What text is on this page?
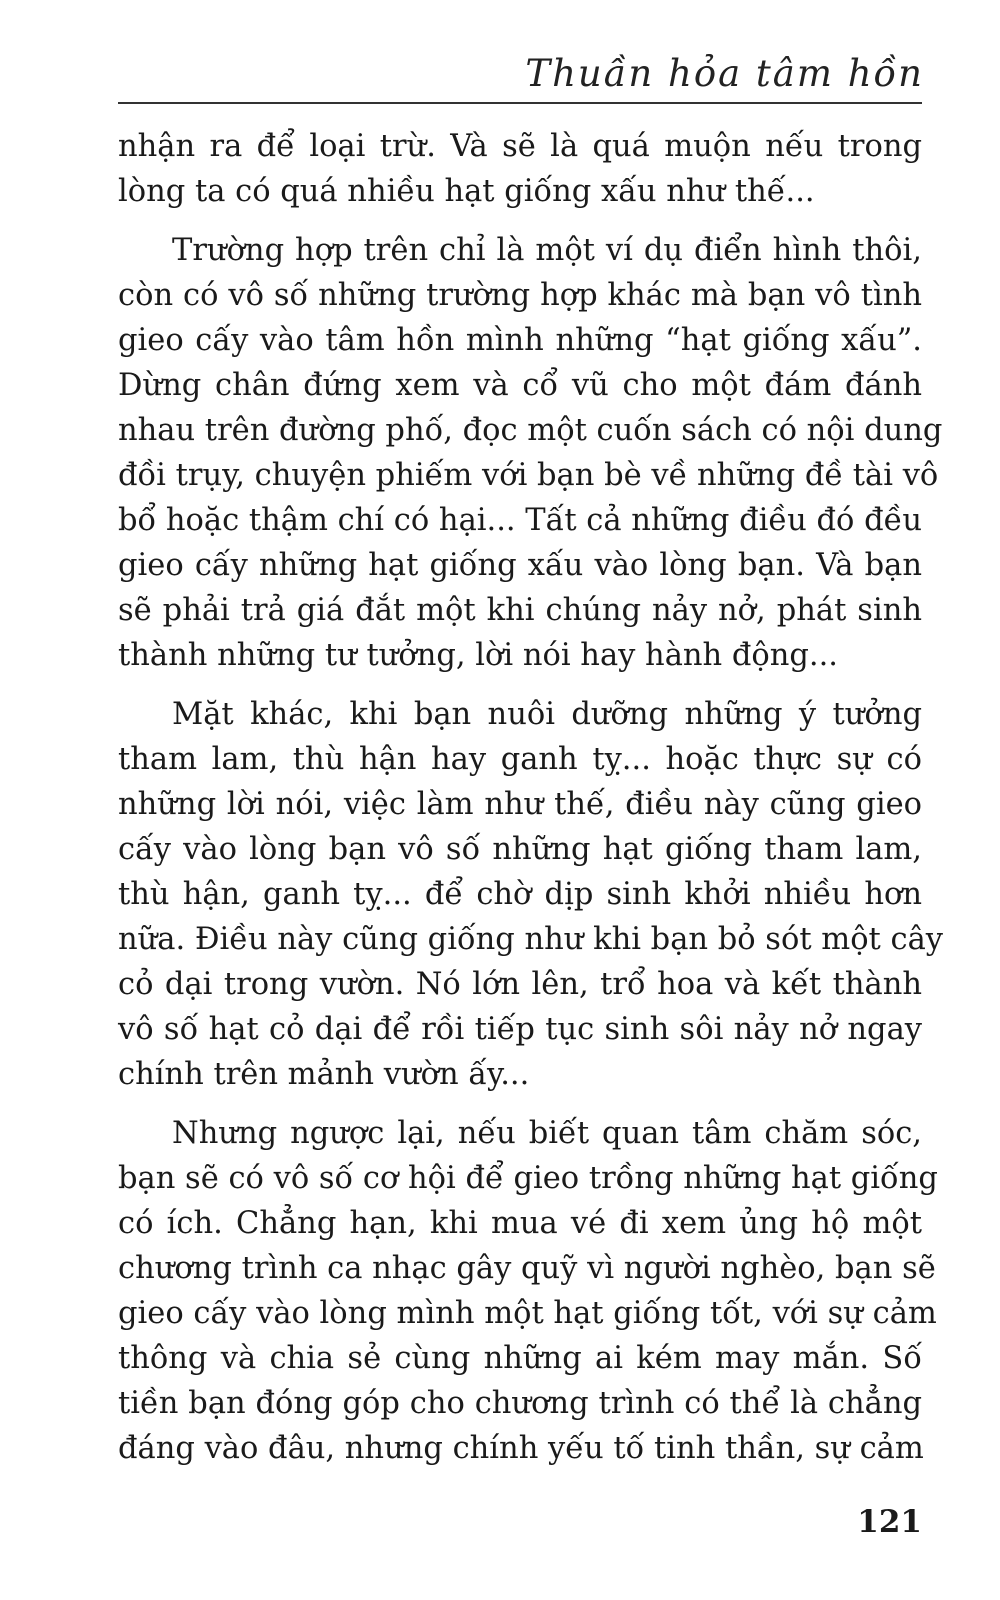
Thuần hỏa tâm hồn
nhận ra để loại trừ. Và sẽ là quá muộn nếu trong
lòng ta có quá nhiều hạt giống xấu như thế...
Trường hợp trên chỉ là một ví dụ điển hình thôi,
còn có vô số những trường hợp khác mà bạn vô tình
gieo cấy vào tâm hồn mình những “hạt giống xấu”.
Dừng chân đứng xem và cổ vũ cho một đám đánh
nhau trên đường phố, đọc một cuốn sách có nội dung
đồi trụy, chuyện phiếm với bạn bè về những đề tài vô
bổ hoặc thậm chí có hại... Tất cả những điều đó đều
gieo cấy những hạt giống xấu vào lòng bạn. Và bạn
sẽ phải trả giá đắt một khi chúng nảy nở, phát sinh
thành những tư tưởng, lời nói hay hành động...
Mặt khác, khi bạn nuôi dưỡng những ý tưởng
tham lam, thù hận hay ganh tỵ... hoặc thực sự có
những lời nói, việc làm như thế, điều này cũng gieo
cấy vào lòng bạn vô số những hạt giống tham lam,
thù hận, ganh tỵ... để chờ dịp sinh khởi nhiều hơn
nữa. Điều này cũng giống như khi bạn bỏ sót một cây
cỏ dại trong vườn. Nó lớn lên, trổ hoa và kết thành
vô số hạt cỏ dại để rồi tiếp tục sinh sôi nảy nở ngay
chính trên mảnh vườn ấy...
Nhưng ngược lại, nếu biết quan tâm chăm sóc,
bạn sẽ có vô số cơ hội để gieo trồng những hạt giống
có ích. Chẳng hạn, khi mua vé đi xem ủng hộ một
chương trình ca nhạc gây quỹ vì người nghèo, bạn sẽ
gieo cấy vào lòng mình một hạt giống tốt, với sự cảm
thông và chia sẻ cùng những ai kém may mắn. Số
tiền bạn đóng góp cho chương trình có thể là chẳng
đáng vào đâu, nhưng chính yếu tố tinh thần, sự cảm
121
